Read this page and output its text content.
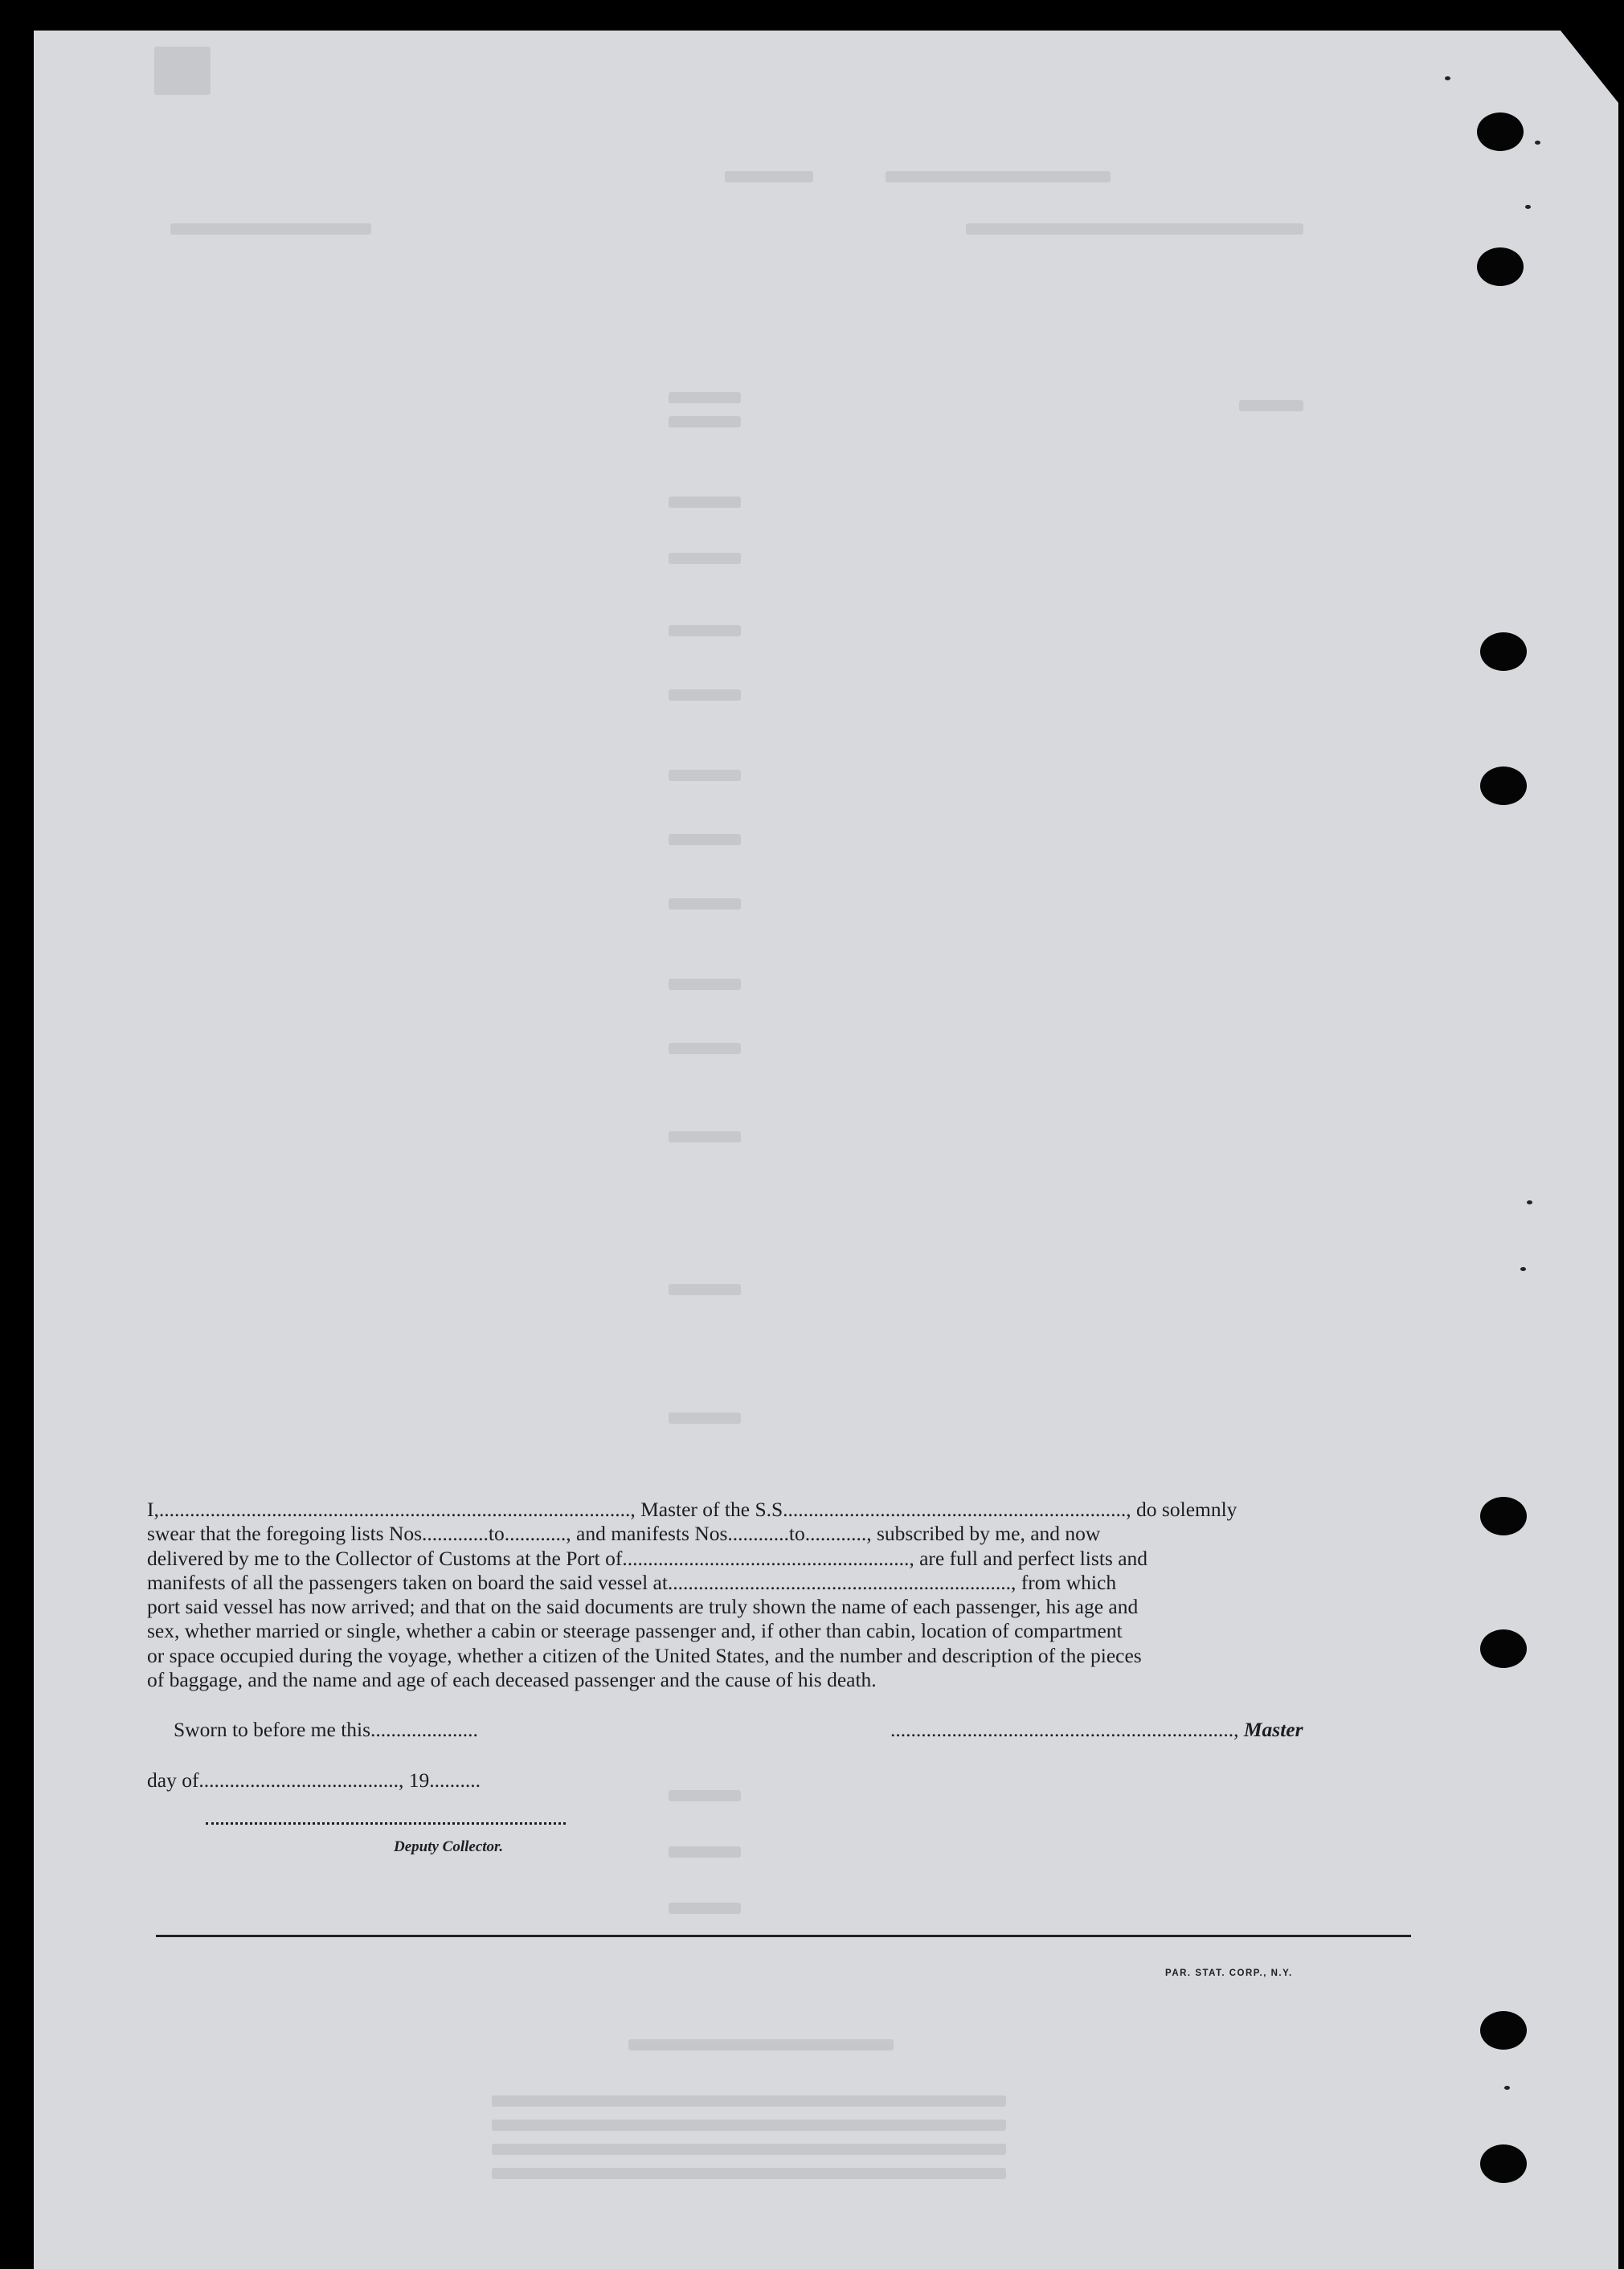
I,............................................................................................, Master of the S.S..................................................................., do solemnly

swear that the foregoing lists Nos.............to............, and manifests Nos............to............, subscribed by me, and now

delivered by me to the Collector of Customs at the Port of........................................................, are full and perfect lists and

manifests of all the passengers taken on board the said vessel at..................................................................., from which

port said vessel has now arrived; and that on the said documents are truly shown the name of each passenger, his age and

sex, whether married or single, whether a cabin or steerage passenger and, if other than cabin, location of compartment

or space occupied during the voyage, whether a citizen of the United States, and the number and description of the pieces

of baggage, and the name and age of each deceased passenger and the cause of his death.

Sworn to before me this.....................	..................................................................., Master
day of......................................., 19..........
Deputy Collector.
PAR. STAT. CORP., N.Y.
